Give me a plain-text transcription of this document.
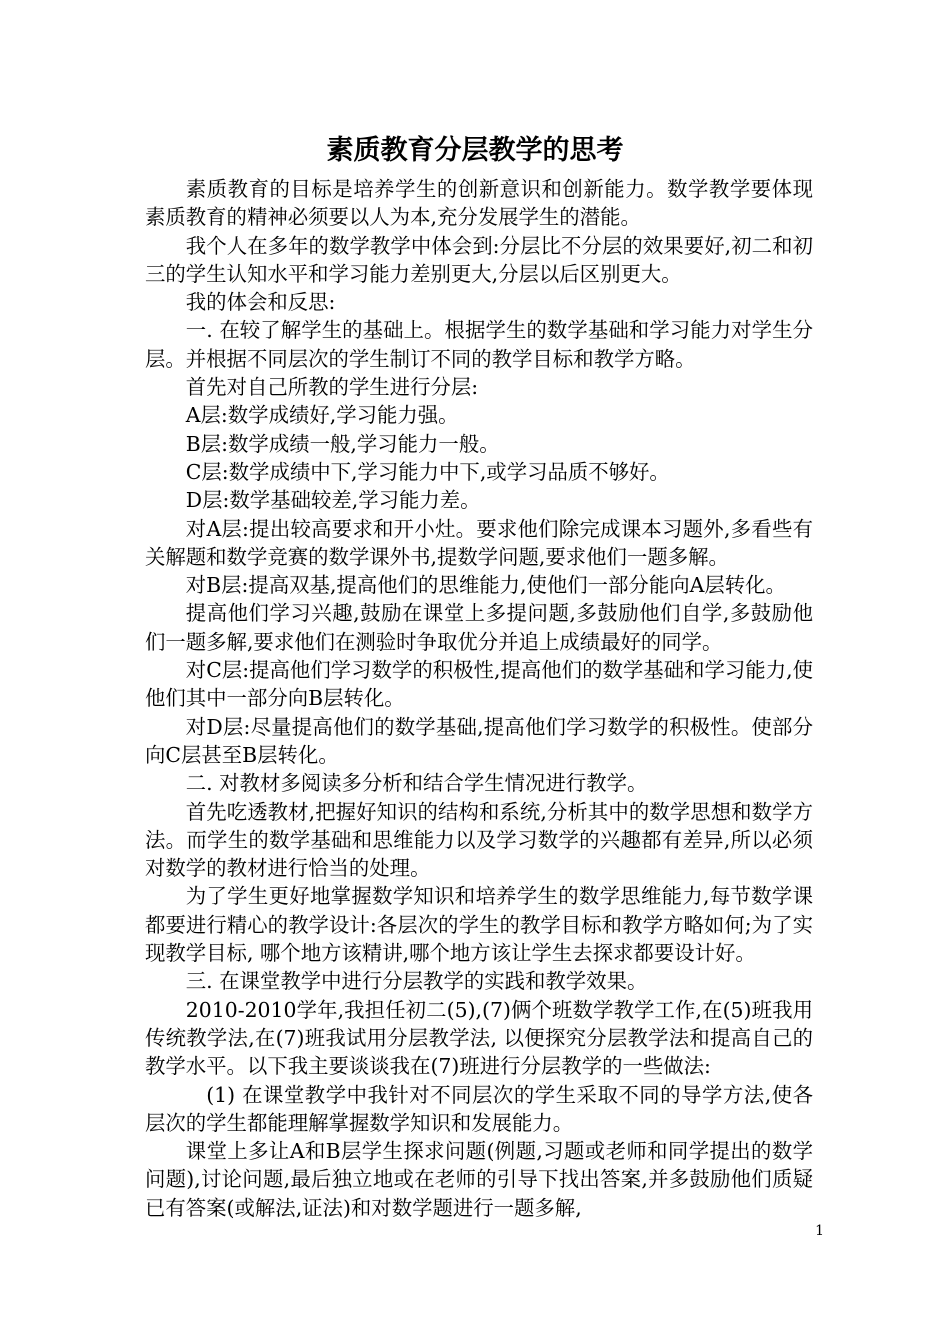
素质教育分层教学的思考

素质教育的目标是培养学生的创新意识和创新能力。数学教学要体现素质教育的精神必须要以人为本,充分发展学生的潜能。

我个人在多年的数学教学中体会到:分层比不分层的效果要好,初二和初三的学生认知水平和学习能力差别更大,分层以后区别更大。

我的体会和反思:

一. 在较了解学生的基础上。根据学生的数学基础和学习能力对学生分层。并根据不同层次的学生制订不同的教学目标和教学方略。

首先对自己所教的学生进行分层:

A层:数学成绩好,学习能力强。

B层:数学成绩一般,学习能力一般。

C层:数学成绩中下,学习能力中下,或学习品质不够好。

D层:数学基础较差,学习能力差。

对A层:提出较高要求和开小灶。要求他们除完成课本习题外,多看些有关解题和数学竞赛的数学课外书,提数学问题,要求他们一题多解。

对B层:提高双基,提高他们的思维能力,使他们一部分能向A层转化。

提高他们学习兴趣,鼓励在课堂上多提问题,多鼓励他们自学,多鼓励他们一题多解,要求他们在测验时争取优分并追上成绩最好的同学。

对C层:提高他们学习数学的积极性,提高他们的数学基础和学习能力,使他们其中一部分向B层转化。

对D层:尽量提高他们的数学基础,提高他们学习数学的积极性。使部分向C层甚至B层转化。

二. 对教材多阅读多分析和结合学生情况进行教学。

首先吃透教材,把握好知识的结构和系统,分析其中的数学思想和数学方法。而学生的数学基础和思维能力以及学习数学的兴趣都有差异,所以必须对数学的教材进行恰当的处理。

为了学生更好地掌握数学知识和培养学生的数学思维能力,每节数学课都要进行精心的教学设计:各层次的学生的教学目标和教学方略如何;为了实现教学目标, 哪个地方该精讲,哪个地方该让学生去探求都要设计好。

三. 在课堂教学中进行分层教学的实践和教学效果。

2010-2010学年,我担任初二(5),(7)俩个班数学教学工作,在(5)班我用传统教学法,在(7)班我试用分层教学法, 以便探究分层教学法和提高自己的教学水平。以下我主要谈谈我在(7)班进行分层教学的一些做法:

(1) 在课堂教学中我针对不同层次的学生采取不同的导学方法,使各层次的学生都能理解掌握数学知识和发展能力。

课堂上多让A和B层学生探求问题(例题,习题或老师和同学提出的数学问题),讨论问题,最后独立地或在老师的引导下找出答案,并多鼓励他们质疑已有答案(或解法,证法)和对数学题进行一题多解,

1
